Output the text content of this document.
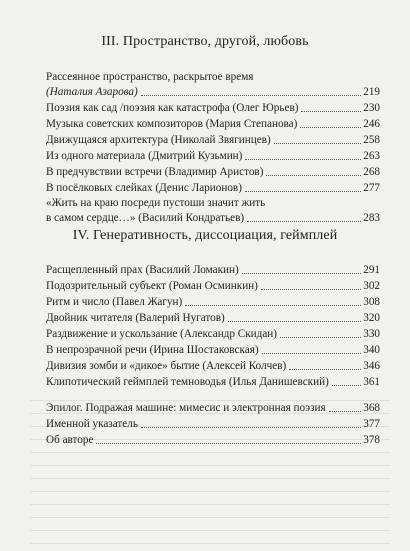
III. Пространство, другой, любовь
Рассеянное пространство, раскрытое время
(Наталия Азарова)	219
Поэзия как сад /поэзия как катастрофа (Олег Юрьев)	230
Музыка советских композиторов (Мария Степанова)	246
Движущаяся архитектура (Николай Звягинцев)	258
Из одного материала (Дмитрий Кузьмин)	263
В предчувствии встречи (Владимир Аристов)	268
В посёлковых слейках (Денис Ларионов)	277
«Жить на краю посреди пустоши значит жить
в самом сердце…» (Василий Кондратьев)	283
IV. Генеративность, диссоциация, геймплей
Расщепленный прах (Василий Ломакин)	291
Подозрительный субъект (Роман Осминкин)	302
Ритм и число (Павел Жагун)	308
Двойник читателя (Валерий Нугатов)	320
Раздвижение и ускользание (Александр Скидан)	330
В непрозрачной речи (Ирина Шостаковская)	340
Дивизия зомби и «дикое» бытие (Алексей Колчев)	346
Клипотический геймплей темноводья (Илья Данишевский)	361
Эпилог. Подражая машине: мимесис и электронная поэзия	368
Именной указатель	377
Об авторе	378
